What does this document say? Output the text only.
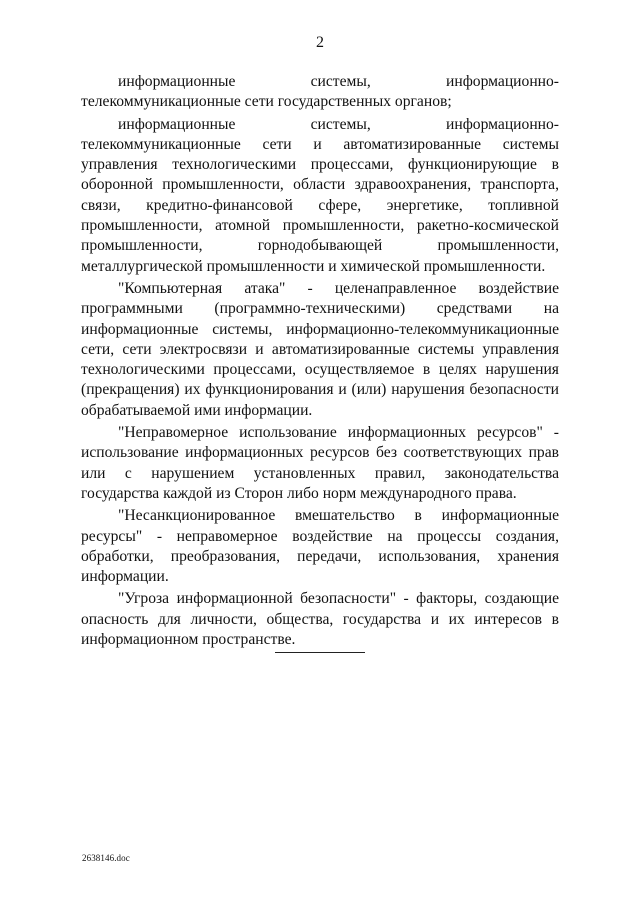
2

информационные системы, информационно-телекоммуникационные сети государственных органов;

информационные системы, информационно-телекоммуникационные сети и автоматизированные системы управления технологическими процессами, функционирующие в оборонной промышленности, области здравоохранения, транспорта, связи, кредитно-финансовой сфере, энергетике, топливной промышленности, атомной промышленности, ракетно-космической промышленности, горнодобывающей промышленности, металлургической промышленности и химической промышленности.

"Компьютерная атака" - целенаправленное воздействие программными (программно-техническими) средствами на информационные системы, информационно-телекоммуникационные сети, сети электросвязи и автоматизированные системы управления технологическими процессами, осуществляемое в целях нарушения (прекращения) их функционирования и (или) нарушения безопасности обрабатываемой ими информации.

"Неправомерное использование информационных ресурсов" - использование информационных ресурсов без соответствующих прав или с нарушением установленных правил, законодательства государства каждой из Сторон либо норм международного права.

"Несанкционированное вмешательство в информационные ресурсы" - неправомерное воздействие на процессы создания, обработки, преобразования, передачи, использования, хранения информации.

"Угроза информационной безопасности" - факторы, создающие опасность для личности, общества, государства и их интересов в информационном пространстве.

2638146.doc
